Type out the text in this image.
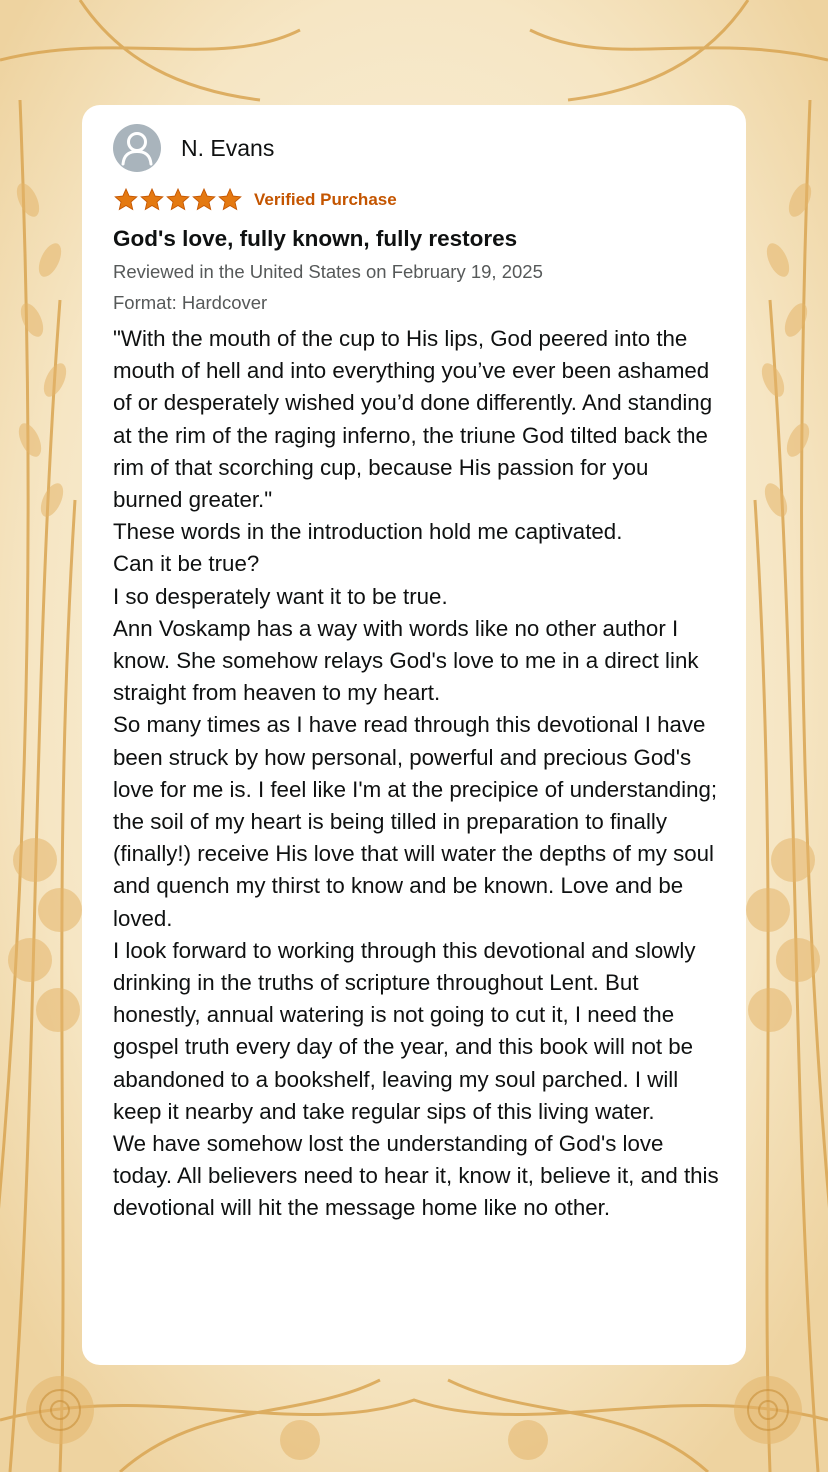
N. Evans
Verified Purchase
God's love, fully known, fully restores
Reviewed in the United States on February 19, 2025
Format: Hardcover
"With the mouth of the cup to His lips, God peered into the mouth of hell and into everything you’ve ever been ashamed of or desperately wished you’d done differently. And standing at the rim of the raging inferno, the triune God tilted back the rim of that scorching cup, because His passion for you burned greater."
These words in the introduction hold me captivated.
Can it be true?
I so desperately want it to be true.
Ann Voskamp has a way with words like no other author I know. She somehow relays God's love to me in a direct link straight from heaven to my heart.
So many times as I have read through this devotional I have been struck by how personal, powerful and precious God's love for me is. I feel like I'm at the precipice of understanding; the soil of my heart is being tilled in preparation to finally (finally!) receive His love that will water the depths of my soul and quench my thirst to know and be known. Love and be loved.
I look forward to working through this devotional and slowly drinking in the truths of scripture throughout Lent. But honestly, annual watering is not going to cut it, I need the gospel truth every day of the year, and this book will not be abandoned to a bookshelf, leaving my soul parched. I will keep it nearby and take regular sips of this living water.
We have somehow lost the understanding of God's love today. All believers need to hear it, know it, believe it, and this devotional will hit the message home like no other.
